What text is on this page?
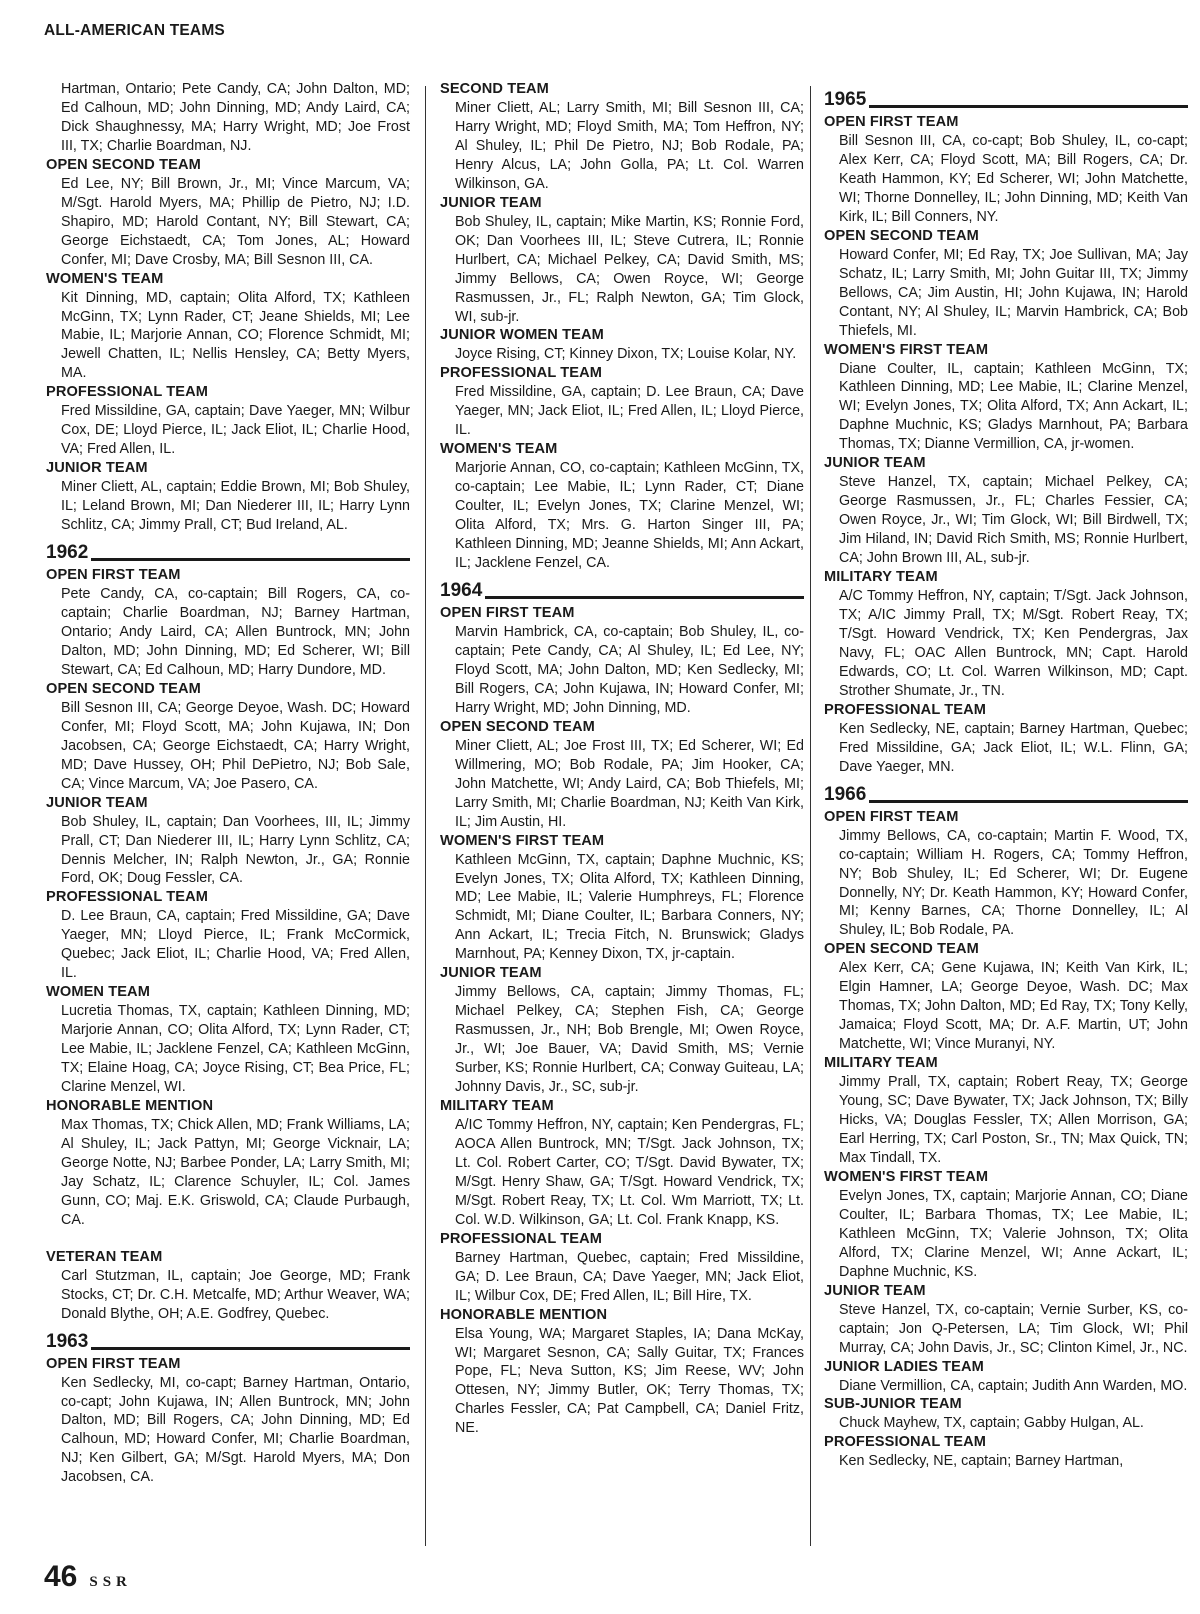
ALL-AMERICAN TEAMS
Hartman, Ontario; Pete Candy, CA; John Dalton, MD; Ed Calhoun, MD; John Dinning, MD; Andy Laird, CA; Dick Shaughnessy, MA; Harry Wright, MD; Joe Frost III, TX; Charlie Boardman, NJ.
OPEN SECOND TEAM
Ed Lee, NY; Bill Brown, Jr., MI; Vince Marcum, VA; M/Sgt. Harold Myers, MA; Phillip de Pietro, NJ; I.D. Shapiro, MD; Harold Contant, NY; Bill Stewart, CA; George Eichstaedt, CA; Tom Jones, AL; Howard Confer, MI; Dave Crosby, MA; Bill Sesnon III, CA.
WOMEN'S TEAM
Kit Dinning, MD, captain; Olita Alford, TX; Kathleen McGinn, TX; Lynn Rader, CT; Jeane Shields, MI; Lee Mabie, IL; Marjorie Annan, CO; Florence Schmidt, MI; Jewell Chatten, IL; Nellis Hensley, CA; Betty Myers, MA.
PROFESSIONAL TEAM
Fred Missildine, GA, captain; Dave Yaeger, MN; Wilbur Cox, DE; Lloyd Pierce, IL; Jack Eliot, IL; Charlie Hood, VA; Fred Allen, IL.
JUNIOR TEAM
Miner Cliett, AL, captain; Eddie Brown, MI; Bob Shuley, IL; Leland Brown, MI; Dan Niederer III, IL; Harry Lynn Schlitz, CA; Jimmy Prall, CT; Bud Ireland, AL.
1962
OPEN FIRST TEAM
Pete Candy, CA, co-captain; Bill Rogers, CA, co-captain; Charlie Boardman, NJ; Barney Hartman, Ontario; Andy Laird, CA; Allen Buntrock, MN; John Dalton, MD; John Dinning, MD; Ed Scherer, WI; Bill Stewart, CA; Ed Calhoun, MD; Harry Dundore, MD.
OPEN SECOND TEAM
Bill Sesnon III, CA; George Deyoe, Wash. DC; Howard Confer, MI; Floyd Scott, MA; John Kujawa, IN; Don Jacobsen, CA; George Eichstaedt, CA; Harry Wright, MD; Dave Hussey, OH; Phil DePietro, NJ; Bob Sale, CA; Vince Marcum, VA; Joe Pasero, CA.
JUNIOR TEAM
Bob Shuley, IL, captain; Dan Voorhees, III, IL; Jimmy Prall, CT; Dan Niederer III, IL; Harry Lynn Schlitz, CA; Dennis Melcher, IN; Ralph Newton, Jr., GA; Ronnie Ford, OK; Doug Fessler, CA.
PROFESSIONAL TEAM
D. Lee Braun, CA, captain; Fred Missildine, GA; Dave Yaeger, MN; Lloyd Pierce, IL; Frank McCormick, Quebec; Jack Eliot, IL; Charlie Hood, VA; Fred Allen, IL.
WOMEN TEAM
Lucretia Thomas, TX, captain; Kathleen Dinning, MD; Marjorie Annan, CO; Olita Alford, TX; Lynn Rader, CT; Lee Mabie, IL; Jacklene Fenzel, CA; Kathleen McGinn, TX; Elaine Hoag, CA; Joyce Rising, CT; Bea Price, FL; Clarine Menzel, WI.
HONORABLE MENTION
Max Thomas, TX; Chick Allen, MD; Frank Williams, LA; Al Shuley, IL; Jack Pattyn, MI; George Vicknair, LA; George Notte, NJ; Barbee Ponder, LA; Larry Smith, MI; Jay Schatz, IL; Clarence Schuyler, IL; Col. James Gunn, CO; Maj. E.K. Griswold, CA; Claude Purbaugh, CA.
VETERAN TEAM
Carl Stutzman, IL, captain; Joe George, MD; Frank Stocks, CT; Dr. C.H. Metcalfe, MD; Arthur Weaver, WA; Donald Blythe, OH; A.E. Godfrey, Quebec.
1963
OPEN FIRST TEAM
Ken Sedlecky, MI, co-capt; Barney Hartman, Ontario, co-capt; John Kujawa, IN; Allen Buntrock, MN; John Dalton, MD; Bill Rogers, CA; John Dinning, MD; Ed Calhoun, MD; Howard Confer, MI; Charlie Boardman, NJ; Ken Gilbert, GA; M/Sgt. Harold Myers, MA; Don Jacobsen, CA.
SECOND TEAM
Miner Cliett, AL; Larry Smith, MI; Bill Sesnon III, CA; Harry Wright, MD; Floyd Smith, MA; Tom Heffron, NY; Al Shuley, IL; Phil De Pietro, NJ; Bob Rodale, PA; Henry Alcus, LA; John Golla, PA; Lt. Col. Warren Wilkinson, GA.
JUNIOR TEAM
Bob Shuley, IL, captain; Mike Martin, KS; Ronnie Ford, OK; Dan Voorhees III, IL; Steve Cutrera, IL; Ronnie Hurlbert, CA; Michael Pelkey, CA; David Smith, MS; Jimmy Bellows, CA; Owen Royce, WI; George Rasmussen, Jr., FL; Ralph Newton, GA; Tim Glock, WI, sub-jr.
JUNIOR WOMEN TEAM
Joyce Rising, CT; Kinney Dixon, TX; Louise Kolar, NY.
PROFESSIONAL TEAM
Fred Missildine, GA, captain; D. Lee Braun, CA; Dave Yaeger, MN; Jack Eliot, IL; Fred Allen, IL; Lloyd Pierce, IL.
WOMEN'S TEAM
Marjorie Annan, CO, co-captain; Kathleen McGinn, TX, co-captain; Lee Mabie, IL; Lynn Rader, CT; Diane Coulter, IL; Evelyn Jones, TX; Clarine Menzel, WI; Olita Alford, TX; Mrs. G. Harton Singer III, PA; Kathleen Dinning, MD; Jeanne Shields, MI; Ann Ackart, IL; Jacklene Fenzel, CA.
1964
OPEN FIRST TEAM
Marvin Hambrick, CA, co-captain; Bob Shuley, IL, co-captain; Pete Candy, CA; Al Shuley, IL; Ed Lee, NY; Floyd Scott, MA; John Dalton, MD; Ken Sedlecky, MI; Bill Rogers, CA; John Kujawa, IN; Howard Confer, MI; Harry Wright, MD; John Dinning, MD.
OPEN SECOND TEAM
Miner Cliett, AL; Joe Frost III, TX; Ed Scherer, WI; Ed Willmering, MO; Bob Rodale, PA; Jim Hooker, CA; John Matchette, WI; Andy Laird, CA; Bob Thiefels, MI; Larry Smith, MI; Charlie Boardman, NJ; Keith Van Kirk, IL; Jim Austin, HI.
WOMEN'S FIRST TEAM
Kathleen McGinn, TX, captain; Daphne Muchnic, KS; Evelyn Jones, TX; Olita Alford, TX; Kathleen Dinning, MD; Lee Mabie, IL; Valerie Humphreys, FL; Florence Schmidt, MI; Diane Coulter, IL; Barbara Conners, NY; Ann Ackart, IL; Trecia Fitch, N. Brunswick; Gladys Marnhout, PA; Kenney Dixon, TX, jr-captain.
JUNIOR TEAM
Jimmy Bellows, CA, captain; Jimmy Thomas, FL; Michael Pelkey, CA; Stephen Fish, CA; George Rasmussen, Jr., NH; Bob Brengle, MI; Owen Royce, Jr., WI; Joe Bauer, VA; David Smith, MS; Vernie Surber, KS; Ronnie Hurlbert, CA; Conway Guiteau, LA; Johnny Davis, Jr., SC, sub-jr.
MILITARY TEAM
A/IC Tommy Heffron, NY, captain; Ken Pendergras, FL; AOCA Allen Buntrock, MN; T/Sgt. Jack Johnson, TX; Lt. Col. Robert Carter, CO; T/Sgt. David Bywater, TX; M/Sgt. Henry Shaw, GA; T/Sgt. Howard Vendrick, TX; M/Sgt. Robert Reay, TX; Lt. Col. Wm Marriott, TX; Lt. Col. W.D. Wilkinson, GA; Lt. Col. Frank Knapp, KS.
PROFESSIONAL TEAM
Barney Hartman, Quebec, captain; Fred Missildine, GA; D. Lee Braun, CA; Dave Yaeger, MN; Jack Eliot, IL; Wilbur Cox, DE; Fred Allen, IL; Bill Hire, TX.
HONORABLE MENTION
Elsa Young, WA; Margaret Staples, IA; Dana McKay, WI; Margaret Sesnon, CA; Sally Guitar, TX; Frances Pope, FL; Neva Sutton, KS; Jim Reese, WV; John Ottesen, NY; Jimmy Butler, OK; Terry Thomas, TX; Charles Fessler, CA; Pat Campbell, CA; Daniel Fritz, NE.
1965
OPEN FIRST TEAM
Bill Sesnon III, CA, co-capt; Bob Shuley, IL, co-capt; Alex Kerr, CA; Floyd Scott, MA; Bill Rogers, CA; Dr. Keath Hammon, KY; Ed Scherer, WI; John Matchette, WI; Thorne Donnelley, IL; John Dinning, MD; Keith Van Kirk, IL; Bill Conners, NY.
OPEN SECOND TEAM
Howard Confer, MI; Ed Ray, TX; Joe Sullivan, MA; Jay Schatz, IL; Larry Smith, MI; John Guitar III, TX; Jimmy Bellows, CA; Jim Austin, HI; John Kujawa, IN; Harold Contant, NY; Al Shuley, IL; Marvin Hambrick, CA; Bob Thiefels, MI.
WOMEN'S FIRST TEAM
Diane Coulter, IL, captain; Kathleen McGinn, TX; Kathleen Dinning, MD; Lee Mabie, IL; Clarine Menzel, WI; Evelyn Jones, TX; Olita Alford, TX; Ann Ackart, IL; Daphne Muchnic, KS; Gladys Marnhout, PA; Barbara Thomas, TX; Dianne Vermillion, CA, jr-women.
JUNIOR TEAM
Steve Hanzel, TX, captain; Michael Pelkey, CA; George Rasmussen, Jr., FL; Charles Fessier, CA; Owen Royce, Jr., WI; Tim Glock, WI; Bill Birdwell, TX; Jim Hiland, IN; David Rich Smith, MS; Ronnie Hurlbert, CA; John Brown III, AL, sub-jr.
MILITARY TEAM
A/C Tommy Heffron, NY, captain; T/Sgt. Jack Johnson, TX; A/IC Jimmy Prall, TX; M/Sgt. Robert Reay, TX; T/Sgt. Howard Vendrick, TX; Ken Pendergras, Jax Navy, FL; OAC Allen Buntrock, MN; Capt. Harold Edwards, CO; Lt. Col. Warren Wilkinson, MD; Capt. Strother Shumate, Jr., TN.
PROFESSIONAL TEAM
Ken Sedlecky, NE, captain; Barney Hartman, Quebec; Fred Missildine, GA; Jack Eliot, IL; W.L. Flinn, GA; Dave Yaeger, MN.
1966
OPEN FIRST TEAM
Jimmy Bellows, CA, co-captain; Martin F. Wood, TX, co-captain; William H. Rogers, CA; Tommy Heffron, NY; Bob Shuley, IL; Ed Scherer, WI; Dr. Eugene Donnelly, NY; Dr. Keath Hammon, KY; Howard Confer, MI; Kenny Barnes, CA; Thorne Donnelley, IL; Al Shuley, IL; Bob Rodale, PA.
OPEN SECOND TEAM
Alex Kerr, CA; Gene Kujawa, IN; Keith Van Kirk, IL; Elgin Hamner, LA; George Deyoe, Wash. DC; Max Thomas, TX; John Dalton, MD; Ed Ray, TX; Tony Kelly, Jamaica; Floyd Scott, MA; Dr. A.F. Martin, UT; John Matchette, WI; Vince Muranyi, NY.
MILITARY TEAM
Jimmy Prall, TX, captain; Robert Reay, TX; George Young, SC; Dave Bywater, TX; Jack Johnson, TX; Billy Hicks, VA; Douglas Fessler, TX; Allen Morrison, GA; Earl Herring, TX; Carl Poston, Sr., TN; Max Quick, TN; Max Tindall, TX.
WOMEN'S FIRST TEAM
Evelyn Jones, TX, captain; Marjorie Annan, CO; Diane Coulter, IL; Barbara Thomas, TX; Lee Mabie, IL; Kathleen McGinn, TX; Valerie Johnson, TX; Olita Alford, TX; Clarine Menzel, WI; Anne Ackart, IL; Daphne Muchnic, KS.
JUNIOR TEAM
Steve Hanzel, TX, co-captain; Vernie Surber, KS, co-captain; Jon Q-Petersen, LA; Tim Glock, WI; Phil Murray, CA; John Davis, Jr., SC; Clinton Kimel, Jr., NC.
JUNIOR LADIES TEAM
Diane Vermillion, CA, captain; Judith Ann Warden, MO.
SUB-JUNIOR TEAM
Chuck Mayhew, TX, captain; Gabby Hulgan, AL.
PROFESSIONAL TEAM
Ken Sedlecky, NE, captain; Barney Hartman,
46 SSR
